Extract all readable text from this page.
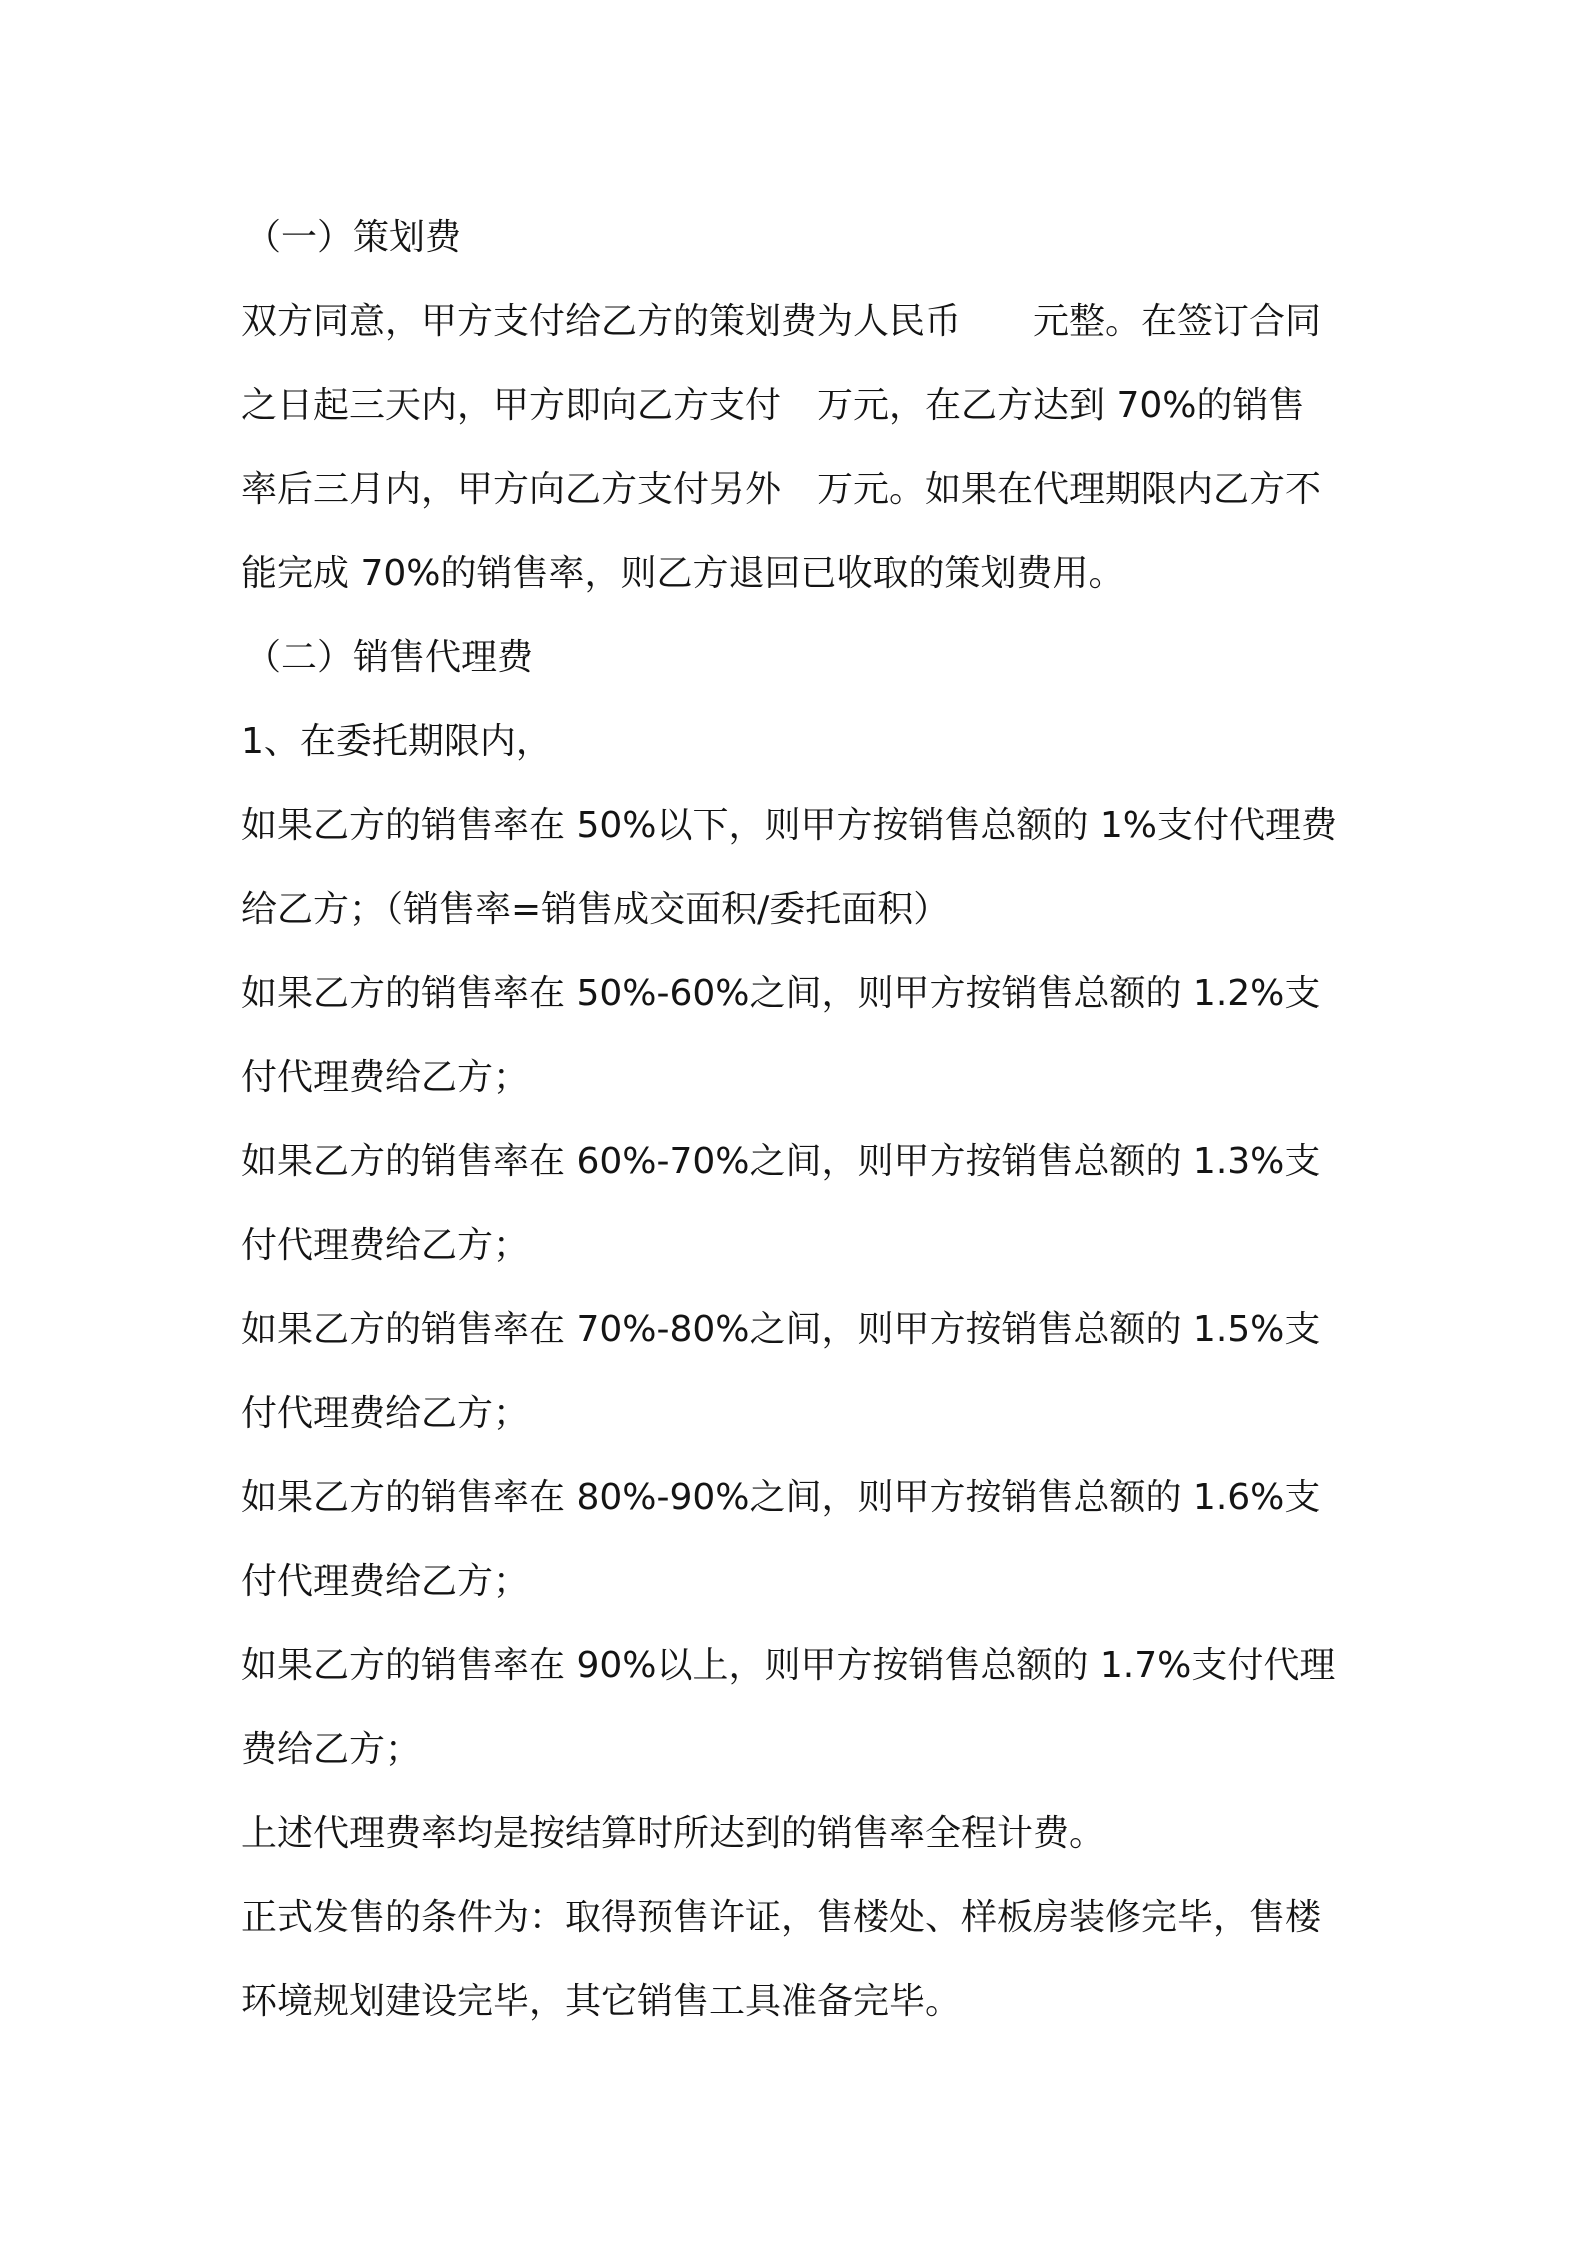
（一）策划费

双方同意，甲方支付给乙方的策划费为人民币　　元整。在签订合同
之日起三天内，甲方即向乙方支付　万元，在乙方达到 70%的销售
率后三月内，甲方向乙方支付另外　万元。如果在代理期限内乙方不
能完成 70%的销售率，则乙方退回已收取的策划费用。

（二）销售代理费

1、在委托期限内，

如果乙方的销售率在 50%以下，则甲方按销售总额的 1%支付代理费
给乙方；（销售率=销售成交面积/委托面积）

如果乙方的销售率在 50%-60%之间，则甲方按销售总额的 1.2%支
付代理费给乙方；

如果乙方的销售率在 60%-70%之间，则甲方按销售总额的 1.3%支
付代理费给乙方；

如果乙方的销售率在 70%-80%之间，则甲方按销售总额的 1.5%支
付代理费给乙方；

如果乙方的销售率在 80%-90%之间，则甲方按销售总额的 1.6%支
付代理费给乙方；

如果乙方的销售率在 90%以上，则甲方按销售总额的 1.7%支付代理
费给乙方；

上述代理费率均是按结算时所达到的销售率全程计费。

正式发售的条件为：取得预售许证，售楼处、样板房装修完毕，售楼
环境规划建设完毕，其它销售工具准备完毕。
